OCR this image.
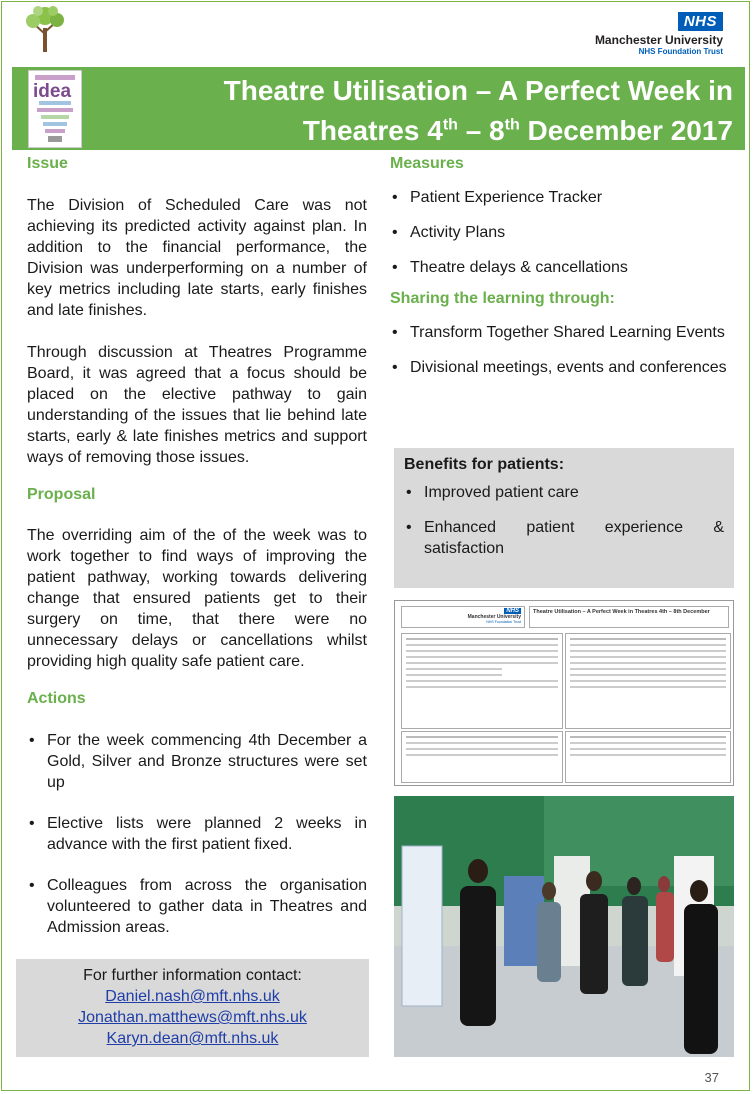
NHS
Manchester University
NHS Foundation Trust
idea	Theatre Utilisation – A Perfect Week in
Theatres 4th – 8th December 2017
Issue

The Division of Scheduled Care was not achieving its predicted activity against plan. In addition to the financial performance, the Division was underperforming on a number of key metrics including late starts, early finishes and late finishes.

Through discussion at Theatres Programme Board, it was agreed that a focus should be placed on the elective pathway to gain understanding of the issues that lie behind late starts, early & late finishes metrics and support ways of removing those issues.

Proposal

The overriding aim of the of the week was to work together to find ways of improving the patient pathway, working towards delivering change that ensured patients get to their surgery on time, that there were no unnecessary delays or cancellations whilst providing high quality safe patient care.

Actions
• For the week commencing 4th December a Gold, Silver and Bronze structures were set up
• Elective lists were planned 2 weeks in advance with the first patient fixed.
• Colleagues from across the organisation volunteered to gather data in Theatres and Admission areas.
For further information contact:
Daniel.nash@mft.nhs.uk
Jonathan.matthews@mft.nhs.uk
Karyn.dean@mft.nhs.uk
Measures
• Patient Experience Tracker
• Activity Plans
• Theatre delays & cancellations
Sharing the learning through:
• Transform Together Shared Learning Events
• Divisional meetings, events and conferences
Benefits for patients:
• Improved patient care
• Enhanced patient experience & satisfaction
NHS
Manchester University
NHS Foundation Trust
Theatre Utilisation – A Perfect Week in Theatres 4th – 8th December
37
